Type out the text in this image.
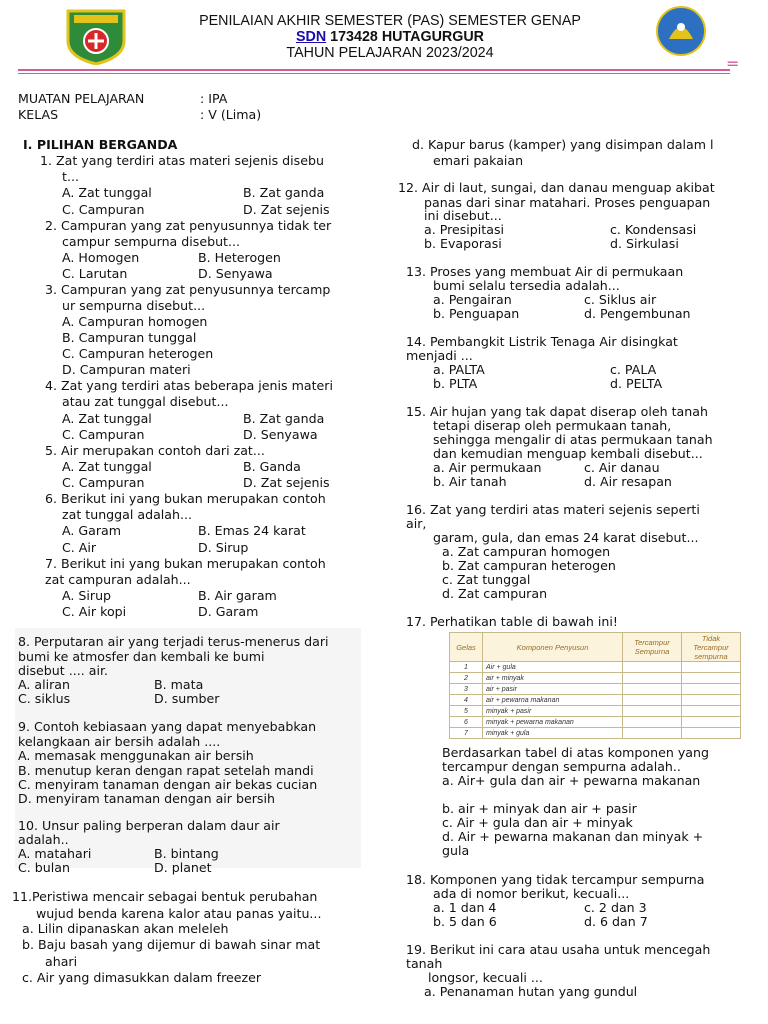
PENILAIAN AKHIR SEMESTER (PAS) SEMESTER GENAP
SDN 173428 HUTAGURGUR
TAHUN PELAJARAN 2023/2024
=
MUATAN PELAJARAN	: IPA
KELAS	: V (Lima)
I. PILIHAN BERGANDA
1. Zat yang terdiri atas materi sejenis disebu
t...
A. Zat tunggal	B. Zat ganda
C. Campuran	D. Zat sejenis
2. Campuran yang zat penyusunnya tidak ter
campur sempurna disebut...
A. Homogen	B. Heterogen
C. Larutan	D. Senyawa
3. Campuran yang zat penyusunnya tercamp
ur sempurna disebut...
A. Campuran homogen
B. Campuran tunggal
C. Campuran heterogen
D. Campuran materi
4. Zat yang terdiri atas beberapa jenis materi
atau zat tunggal disebut...
A. Zat tunggal	B. Zat ganda
C. Campuran	D. Senyawa
5. Air merupakan contoh dari zat...
A. Zat tunggal	B. Ganda
C. Campuran	D. Zat sejenis
6. Berikut ini yang bukan merupakan contoh
zat tunggal adalah...
A. Garam	B. Emas 24 karat
C. Air	D. Sirup
7. Berikut ini yang bukan merupakan contoh
zat campuran adalah...
A. Sirup	B. Air garam
C. Air kopi	D. Garam
8. Perputaran air yang terjadi terus-menerus dari
bumi ke atmosfer dan kembali ke bumi
disebut .... air.
A. aliran	B. mata
C. siklus	D. sumber
9. Contoh kebiasaan yang dapat menyebabkan
kelangkaan air bersih adalah ....
A. memasak menggunakan air bersih
B. menutup keran dengan rapat setelah mandi
C. menyiram tanaman dengan air bekas cucian
D. menyiram tanaman dengan air bersih
10. Unsur paling berperan dalam daur air
adalah..
A. matahari	B. bintang
C. bulan	D. planet
11.Peristiwa mencair sebagai bentuk perubahan
wujud benda karena kalor atau panas yaitu...
a. Lilin dipanaskan akan meleleh
b. Baju basah yang dijemur di bawah sinar mat
ahari
c. Air yang dimasukkan dalam freezer
d. Kapur barus (kamper) yang disimpan dalam l
emari pakaian
12. Air di laut, sungai, dan danau menguap akibat
panas dari sinar matahari. Proses penguapan
ini disebut...
a. Presipitasi	c. Kondensasi
b. Evaporasi	d. Sirkulasi
13. Proses yang membuat Air di permukaan
bumi selalu tersedia adalah...
a. Pengairan	c. Siklus air
b. Penguapan	d. Pengembunan
14. Pembangkit Listrik Tenaga Air disingkat
menjadi ...
a. PALTA	c. PALA
b. PLTA	d. PELTA
15. Air hujan yang tak dapat diserap oleh tanah
tetapi diserap oleh permukaan tanah,
sehingga mengalir di atas permukaan tanah
dan kemudian menguap kembali disebut...
a. Air permukaan	c. Air danau
b. Air tanah	d. Air resapan
16. Zat yang terdiri atas materi sejenis seperti
air,
garam, gula, dan emas 24 karat disebut...
a. Zat campuran homogen
b. Zat campuran heterogen
c. Zat tunggal
d. Zat campuran
17. Perhatikan table di bawah ini!
Gelas	Komponen Penyusun	Tercampur Sempurna	Tidak Tercampur sempurna
1	Air + gula		
2	air + minyak		
3	air + pasir		
4	air + pewarna makanan		
5	minyak + pasir		
6	minyak + pewarna makanan		
7	minyak + gula		
Berdasarkan tabel di atas komponen yang
tercampur dengan sempurna adalah..
a. Air+ gula dan air + pewarna makanan
b. air + minyak dan air + pasir
c. Air + gula dan air + minyak
d. Air + pewarna makanan dan minyak +
gula
18. Komponen yang tidak tercampur sempurna
ada di nomor berikut, kecuali...
a. 1 dan 4	c. 2 dan 3
b. 5 dan 6	d. 6 dan 7
19. Berikut ini cara atau usaha untuk mencegah
tanah
longsor, kecuali ...
a. Penanaman hutan yang gundul
